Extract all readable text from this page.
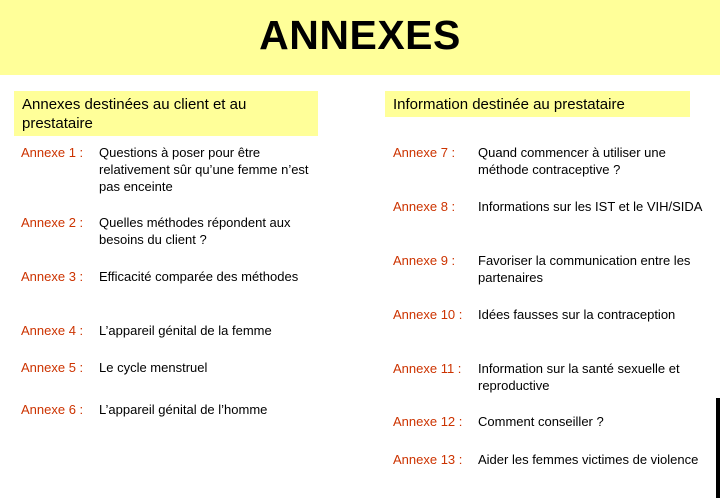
ANNEXES
Annexes destinées au client et au prestataire
Information destinée au prestataire
Annexe 1 : Questions à poser pour être relativement sûr qu’une femme n’est pas enceinte
Annexe 2 : Quelles méthodes répondent aux besoins du client ?
Annexe 3 : Efficacité comparée des méthodes
Annexe 4 : L’appareil génital de la femme
Annexe 5 : Le cycle menstruel
Annexe 6 : L’appareil génital de l’homme
Annexe 7 : Quand commencer à utiliser une méthode contraceptive ?
Annexe 8 : Informations sur les IST et le VIH/SIDA
Annexe 9 : Favoriser la communication entre les partenaires
Annexe 10 : Idées fausses sur la contraception
Annexe 11 : Information sur la santé sexuelle et reproductive
Annexe 12 : Comment conseiller ?
Annexe 13 : Aider les femmes victimes de violence
